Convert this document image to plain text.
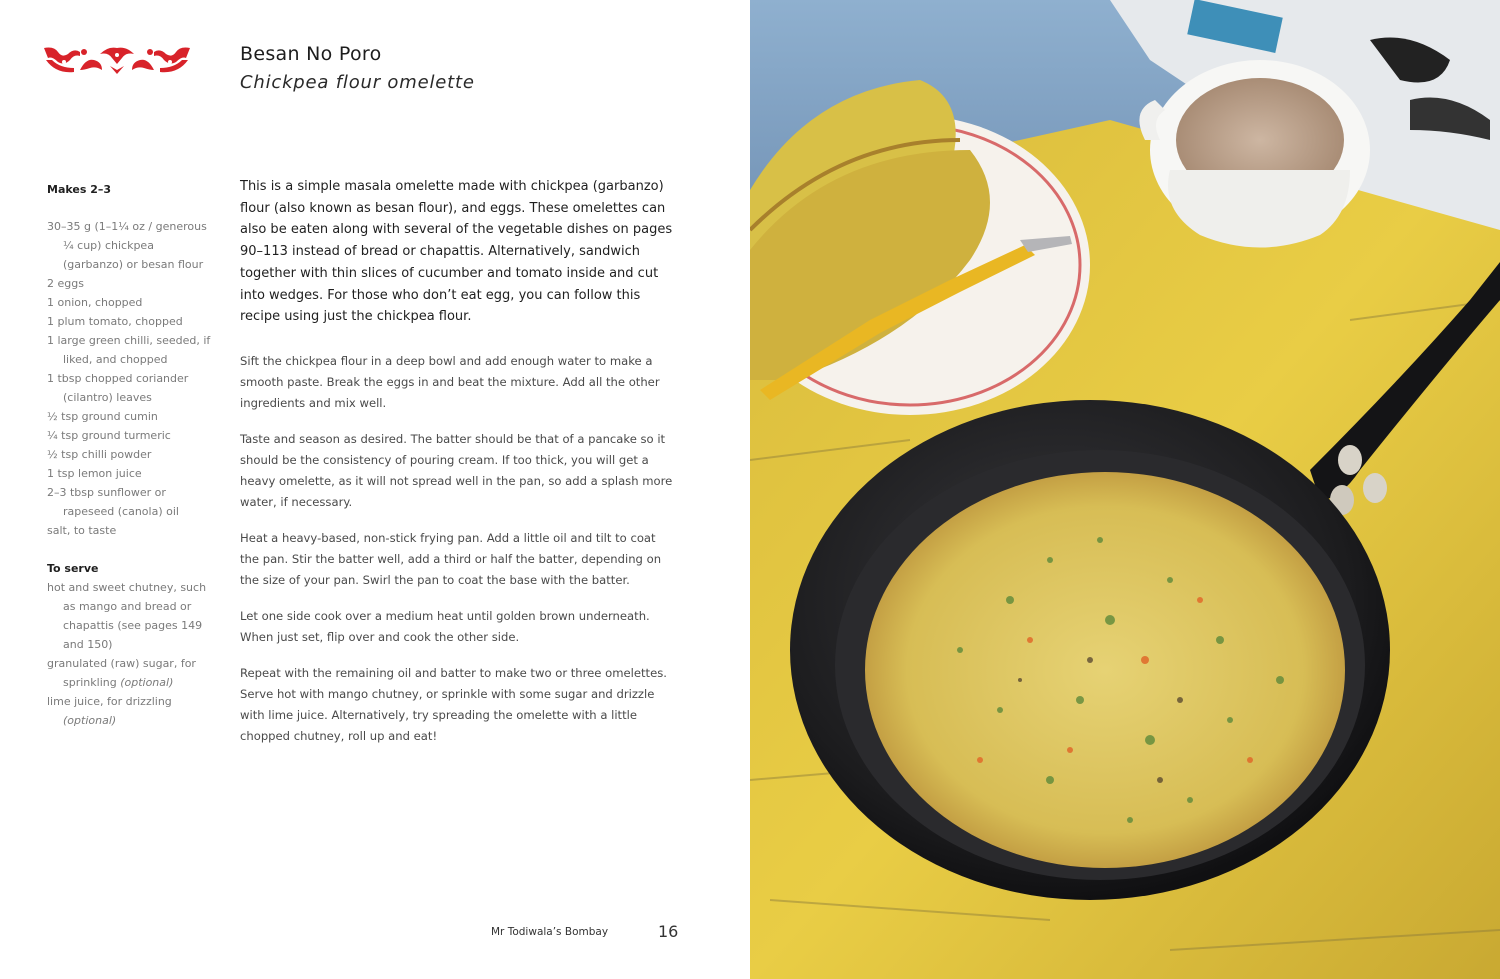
Besan No Poro
Chickpea flour omelette

Makes 2–3

30–35 g (1–1¼ oz / generous ¼ cup) chickpea (garbanzo) or besan flour

2 eggs

1 onion, chopped

1 plum tomato, chopped

1 large green chilli, seeded, if liked, and chopped

1 tbsp chopped coriander (cilantro) leaves

½ tsp ground cumin

¼ tsp ground turmeric

½ tsp chilli powder

1 tsp lemon juice

2–3 tbsp sunflower or rapeseed (canola) oil

salt, to taste

To serve

hot and sweet chutney, such as mango and bread or chapattis (see pages 149 and 150)

granulated (raw) sugar, for sprinkling (optional)

lime juice, for drizzling (optional)

This is a simple masala omelette made with chickpea (garbanzo) flour (also known as besan flour), and eggs. These omelettes can also be eaten along with several of the vegetable dishes on pages 90–113 instead of bread or chapattis. Alternatively, sandwich together with thin slices of cucumber and tomato inside and cut into wedges. For those who don’t eat egg, you can follow this recipe using just the chickpea flour.

Sift the chickpea flour in a deep bowl and add enough water to make a smooth paste. Break the eggs in and beat the mixture. Add all the other ingredients and mix well.

Taste and season as desired. The batter should be that of a pancake so it should be the consistency of pouring cream. If too thick, you will get a heavy omelette, as it will not spread well in the pan, so add a splash more water, if necessary.

Heat a heavy-based, non-stick frying pan. Add a little oil and tilt to coat the pan. Stir the batter well, add a third or half the batter, depending on the size of your pan. Swirl the pan to coat the base with the batter.

Let one side cook over a medium heat until golden brown underneath. When just set, flip over and cook the other side.

Repeat with the remaining oil and batter to make two or three omelettes. Serve hot with mango chutney, or sprinkle with some sugar and drizzle with lime juice. Alternatively, try spreading the omelette with a little chopped chutney, roll up and eat!

Mr Todiwala’s Bombay	16
